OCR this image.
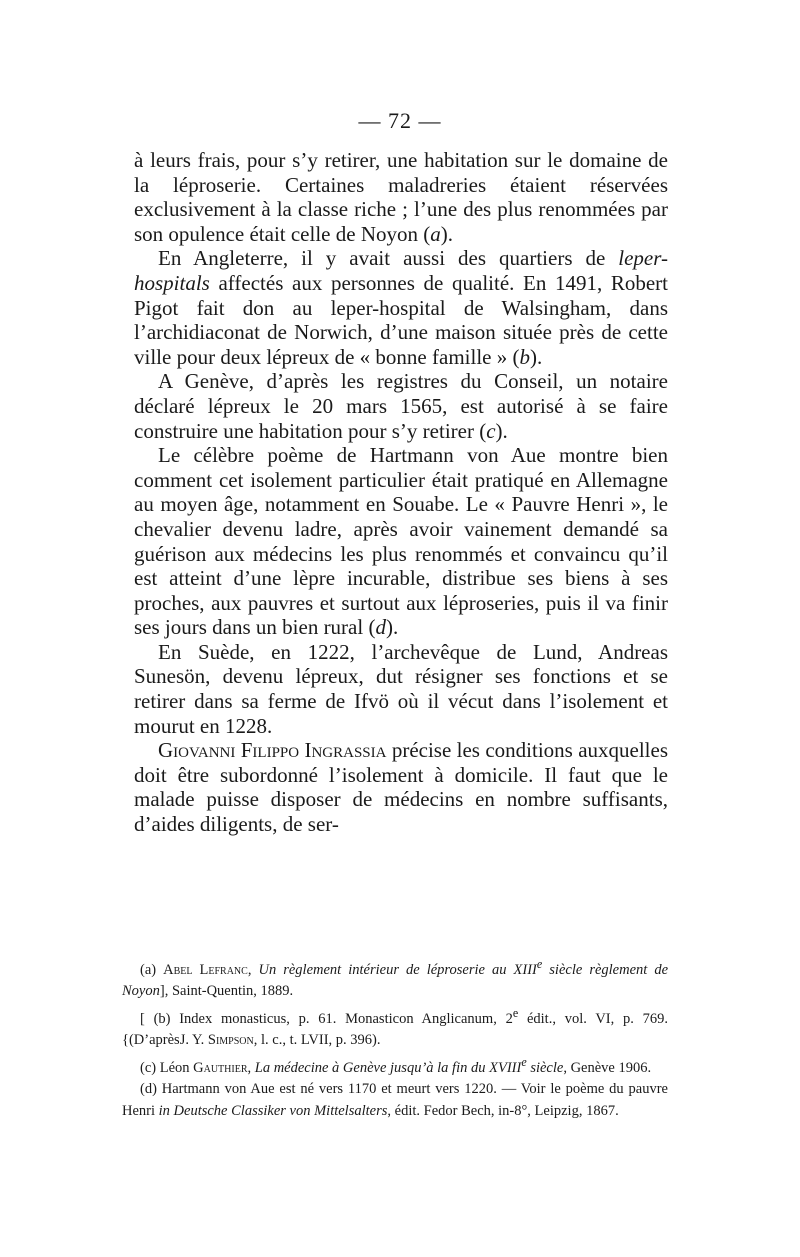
— 72 —

à leurs frais, pour s’y retirer, une habitation sur le domaine de la léproserie. Certaines maladreries étaient réservées exclusivement à la classe riche ; l’une des plus renommées par son opulence était celle de Noyon (a).

En Angleterre, il y avait aussi des quartiers de leper-hospitals affectés aux personnes de qualité. En 1491, Robert Pigot fait don au leper-hospital de Walsingham, dans l’archidiaconat de Norwich, d’une maison située près de cette ville pour deux lépreux de « bonne famille » (b).

A Genève, d’après les registres du Conseil, un notaire déclaré lépreux le 20 mars 1565, est autorisé à se faire construire une habitation pour s’y retirer (c).

Le célèbre poème de Hartmann von Aue montre bien comment cet isolement particulier était pratiqué en Allemagne au moyen âge, notamment en Souabe. Le « Pauvre Henri », le chevalier devenu ladre, après avoir vainement demandé sa guérison aux médecins les plus renommés et convaincu qu’il est atteint d’une lèpre incurable, distribue ses biens à ses proches, aux pauvres et surtout aux léproseries, puis il va finir ses jours dans un bien rural (d).

En Suède, en 1222, l’archevêque de Lund, Andreas Sunesön, devenu lépreux, dut résigner ses fonctions et se retirer dans sa ferme de Ifvö où il vécut dans l’isolement et mourut en 1228.

Giovanni Filippo Ingrassia précise les conditions auxquelles doit être subordonné l’isolement à domicile. Il faut que le malade puisse disposer de médecins en nombre suffisants, d’aides diligents, de ser-

(a) Abel Lefranc, Un règlement intérieur de léproserie au XIIIe siècle règlement de Noyon], Saint-Quentin, 1889.

[ (b) Index monasticus, p. 61. Monasticon Anglicanum, 2e édit., vol. VI, p. 769.{(D’aprèsJ. Y. Simpson, l. c., t. LVII, p. 396).

(c) Léon Gauthier, La médecine à Genève jusqu’à la fin du XVIIIe siècle, Genève 1906.

(d) Hartmann von Aue est né vers 1170 et meurt vers 1220. — Voir le poème du pauvre Henri in Deutsche Classiker von Mittelsalters, édit. Fedor Bech, in-8°, Leipzig, 1867.
